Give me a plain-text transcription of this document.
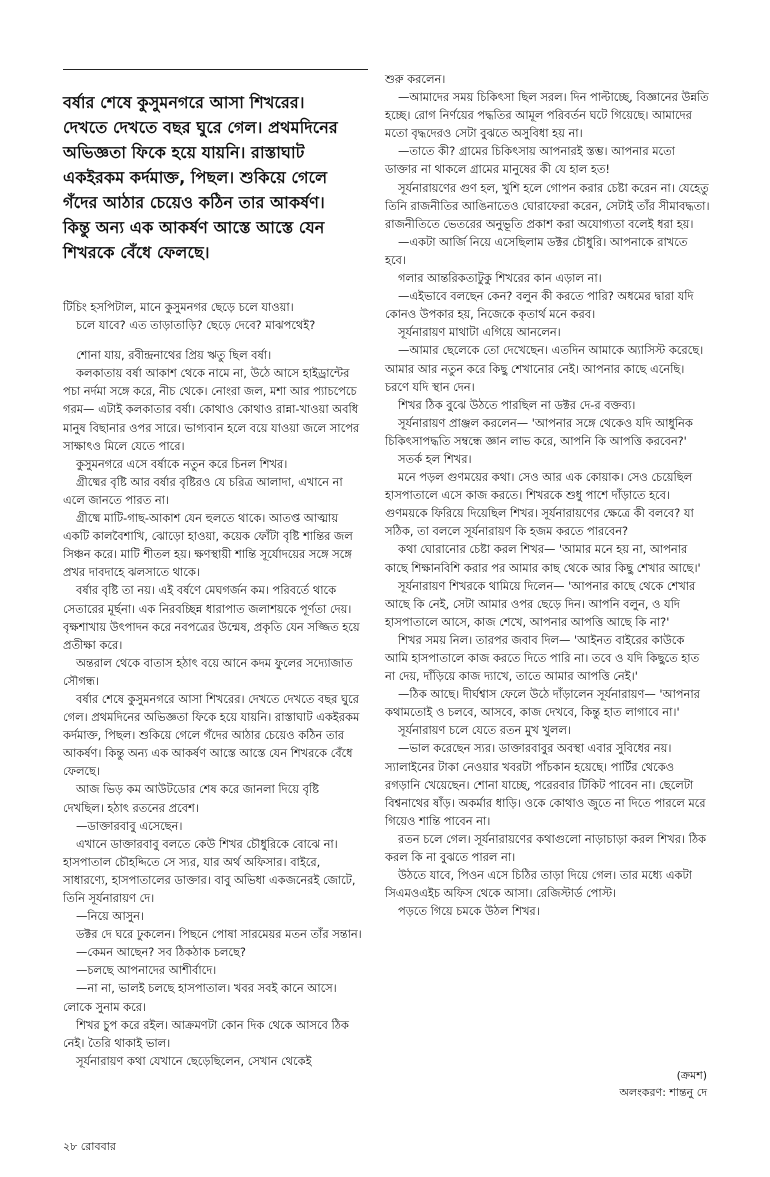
বর্ষার শেষে কুসুমনগরে আসা শিখরের।

দেখতে দেখতে বছর ঘুরে গেল। প্রথমদিনের

অভিজ্ঞতা ফিকে হয়ে যায়নি। রাস্তাঘাট

একইরকম কর্দমাক্ত, পিছল। শুকিয়ে গেলে

গঁদের আঠার চেয়েও কঠিন তার আকর্ষণ।

কিন্তু অন্য এক আকর্ষণ আস্তে আস্তে যেন

শিখরকে বেঁধে ফেলছে।

টিচিং হসপিটাল, মানে কুসুমনগর ছেড়ে চলে যাওয়া।

চলে যাবে? এত তাড়াতাড়ি? ছেড়ে দেবে? মাঝপথেই?

শোনা যায়, রবীন্দ্রনাথের প্রিয় ঋতু ছিল বর্ষা।

কলকাতায় বর্ষা আকাশ থেকে নামে না, উঠে আসে হাইড্রান্টের পচা নর্দমা সঙ্গে করে, নীচ থেকে। নোংরা জল, মশা আর প্যাচপেচে গরম— এটাই কলকাতার বর্ষা। কোথাও কোথাও রান্না-খাওয়া অবধি মানুষ বিছানার ওপর সারে। ভাগ্যবান হলে বয়ে যাওয়া জলে সাপের সাক্ষাৎও মিলে যেতে পারে।

কুসুমনগরে এসে বর্ষাকে নতুন করে চিনল শিখর।

গ্রীষ্মের বৃষ্টি আর বর্ষার বৃষ্টিরও যে চরিত্র আলাদা, এখানে না এলে জানতে পারত না।

গ্রীষ্মে মাটি-গাছ-আকাশ যেন হুলতে থাকে। আতপ্ত আত্মায় একটি কালবৈশাখি, ঝোড়ো হাওয়া, কয়েক ফোঁটা বৃষ্টি শান্তির জল সিঞ্চন করে। মাটি শীতল হয়। ক্ষণস্থায়ী শান্তি সূর্যোদয়ের সঙ্গে সঙ্গে প্রখর দাবদাহে ঝলসাতে থাকে।

বর্ষার বৃষ্টি তা নয়। এই বর্ষণে মেঘগর্জন কম। পরিবর্তে থাকে সেতারের মূর্ছনা। এক নিরবচ্ছিন্ন ধারাপাত জলাশয়কে পূর্ণতা দেয়। বৃক্ষশাখায় উৎপাদন করে নবপত্রের উন্মেষ, প্রকৃতি যেন সজ্জিত হয়ে প্রতীক্ষা করে।

অন্তরাল থেকে বাতাস হঠাৎ বয়ে আনে কদম ফুলের সদ্যোজাত সৌগন্ধ।

বর্ষার শেষে কুসুমনগরে আসা শিখরের। দেখতে দেখতে বছর ঘুরে গেল। প্রথমদিনের অভিজ্ঞতা ফিকে হয়ে যায়নি। রাস্তাঘাট একইরকম কর্দমাক্ত, পিছল। শুকিয়ে গেলে গঁদের আঠার চেয়েও কঠিন তার আকর্ষণ। কিন্তু অন্য এক আকর্ষণ আস্তে আস্তে যেন শিখরকে বেঁধে ফেলছে।

আজ ভিড় কম আউটডোর শেষ করে জানলা দিয়ে বৃষ্টি দেখছিল। হঠাৎ রতনের প্রবেশ।

—ডাক্তারবাবু এসেছেন।

এখানে ডাক্তারবাবু বলতে কেউ শিখর চৌধুরিকে বোঝে না। হাসপাতাল চৌহদ্দিতে সে স্যর, যার অর্থ অফিসার। বাইরে, সাধারণ্যে, হাসপাতালের ডাক্তার। বাবু অভিধা একজনেরই জোটে, তিনি সূর্যনারায়ণ দে।

—নিয়ে আসুন।

ডক্টর দে ঘরে ঢুকলেন। পিছনে পোষা সারমেয়র মতন তাঁর সন্তান।

—কেমন আছেন? সব ঠিকঠাক চলছে?

—চলছে আপনাদের আশীর্বাদে।

—না না, ভালই চলছে হাসপাতাল। খবর সবই কানে আসে। লোকে সুনাম করে।

শিখর চুপ করে রইল। আক্রমণটা কোন দিক থেকে আসবে ঠিক নেই। তৈরি থাকাই ভাল।

সূর্যনারায়ণ কথা যেখানে ছেড়েছিলেন, সেখান থেকেই

শুরু করলেন।

—আমাদের সময় চিকিৎসা ছিল সরল। দিন পাল্টাচ্ছে, বিজ্ঞানের উন্নতি হচ্ছে। রোগ নির্ণয়ের পদ্ধতির আমূল পরিবর্তন ঘটে গিয়েছে। আমাদের মতো বৃদ্ধদেরও সেটা বুঝতে অসুবিধা হয় না।

—তাতে কী? গ্রামের চিকিৎসায় আপনারই স্তম্ভ। আপনার মতো ডাক্তার না থাকলে গ্রামের মানুষের কী যে হাল হত!

সূর্যনারায়ণের গুণ হল, খুশি হলে গোপন করার চেষ্টা করেন না। যেহেতু তিনি রাজনীতির আঙিনাতেও ঘোরাফেরা করেন, সেটাই তাঁর সীমাবদ্ধতা। রাজনীতিতে ভেতরের অনুভূতি প্রকাশ করা অযোগ্যতা বলেই ধরা হয়।

—একটা আর্জি নিয়ে এসেছিলাম ডক্টর চৌধুরি। আপনাকে রাখতে হবে।

গলার আন্তরিকতাটুকু শিখরের কান এড়াল না।

—এইভাবে বলছেন কেন? বলুন কী করতে পারি? অধমের দ্বারা যদি কোনও উপকার হয়, নিজেকে কৃতার্থ মনে করব।

সূর্যনারায়ণ মাথাটা এগিয়ে আনলেন।

—আমার ছেলেকে তো দেখেছেন। এতদিন আমাকে অ্যাসিস্ট করেছে। আমার আর নতুন করে কিছু শেখানোর নেই। আপনার কাছে এনেছি। চরণে যদি স্থান দেন।

শিখর ঠিক বুঝে উঠতে পারছিল না ডক্টর দে-র বক্তব্য।

সূর্যনারায়ণ প্রাঞ্জল করলেন— 'আপনার সঙ্গে থেকেও যদি আধুনিক চিকিৎসাপদ্ধতি সম্বন্ধে জ্ঞান লাভ করে, আপনি কি আপত্তি করবেন?'

সতর্ক হল শিখর।

মনে পড়ল গুণময়ের কথা। সেও আর এক কোয়াক। সেও চেয়েছিল হাসপাতালে এসে কাজ করতে। শিখরকে শুধু পাশে দাঁড়াতে হবে। গুণময়কে ফিরিয়ে দিয়েছিল শিখর। সূর্যনারায়ণের ক্ষেত্রে কী বলবে? যা সঠিক, তা বললে সূর্যনারায়ণ কি হজম করতে পারবেন?

কথা ঘোরানোর চেষ্টা করল শিখর— 'আমার মনে হয় না, আপনার কাছে শিক্ষানবিশি করার পর আমার কাছ থেকে আর কিছু শেখার আছে।'

সূর্যনারায়ণ শিখরকে থামিয়ে দিলেন— 'আপনার কাছে থেকে শেখার আছে কি নেই, সেটা আমার ওপর ছেড়ে দিন। আপনি বলুন, ও যদি হাসপাতালে আসে, কাজ শেখে, আপনার আপত্তি আছে কি না?'

শিখর সময় নিল। তারপর জবাব দিল— 'আইনত বাইরের কাউকে আমি হাসপাতালে কাজ করতে দিতে পারি না। তবে ও যদি কিছুতে হাত না দেয়, দাঁড়িয়ে কাজ দ্যাখে, তাতে আমার আপত্তি নেই।'

—ঠিক আছে। দীর্ঘশ্বাস ফেলে উঠে দাঁড়ালেন সূর্যনারায়ণ— 'আপনার কথামতোই ও চলবে, আসবে, কাজ দেখবে, কিন্তু হাত লাগাবে না।'

সূর্যনারায়ণ চলে যেতে রতন মুখ খুলল।

—ভাল করেছেন স্যর। ডাক্তারবাবুর অবস্থা এবার সুবিধের নয়। স্যালাইনের টাকা নেওয়ার খবরটা পাঁচকান হয়েছে। পার্টির থেকেও রগড়ানি খেয়েছেন। শোনা যাচ্ছে, পরেরবার টিকিট পাবেন না। ছেলেটা বিশ্বনাথের ষাঁড়। অকর্মার ধাড়ি। ওকে কোথাও জুতে না দিতে পারলে মরে গিয়েও শান্তি পাবেন না।

রতন চলে গেল। সূর্যনারায়ণের কথাগুলো নাড়াচাড়া করল শিখর। ঠিক করল কি না বুঝতে পারল না।

উঠতে যাবে, পিওন এসে চিঠির তাড়া দিয়ে গেল। তার মধ্যে একটা সিএমওএইচ অফিস থেকে আসা। রেজিস্টার্ড পোস্ট।

পড়তে গিয়ে চমকে উঠল শিখর।

(ক্রমশ)
অলংকরণ: শান্তনু দে
২৮ রোববার
